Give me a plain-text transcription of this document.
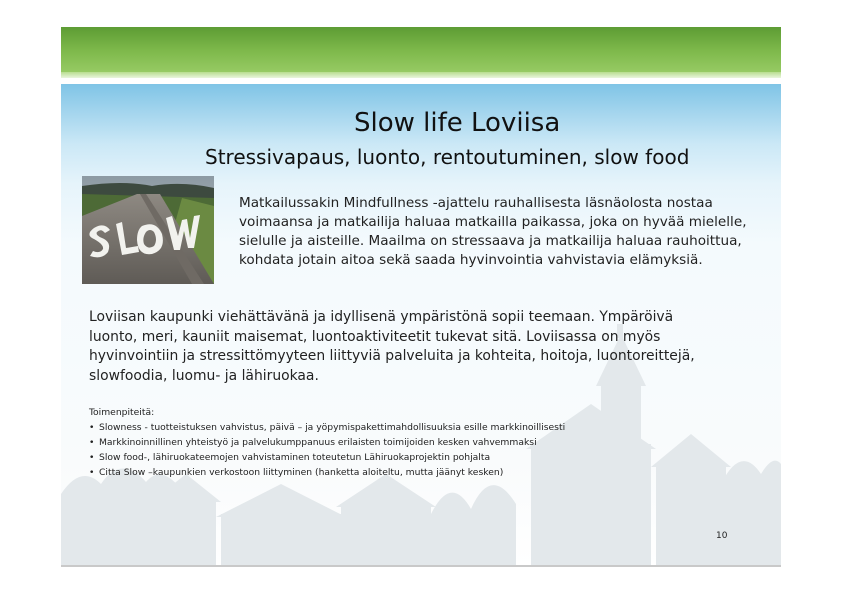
Slow life Loviisa
Stressivapaus, luonto, rentoutuminen, slow food

Matkailussakin Mindfullness -ajattelu rauhallisesta läsnäolosta nostaa voimaansa ja matkailija haluaa matkailla paikassa, joka on hyvää mielelle, sielulle ja aisteille. Maailma on stressaava ja matkailija haluaa rauhoittua, kohdata jotain aitoa sekä saada hyvinvointia vahvistavia elämyksiä.

Loviisan kaupunki viehättävänä ja idyllisenä ympäristönä sopii teemaan. Ympäröivä luonto, meri, kauniit maisemat, luontoaktiviteetit tukevat sitä. Loviisassa on myös hyvinvointiin ja stressittömyyteen liittyviä palveluita ja kohteita, hoitoja, luontoreittejä, slowfoodia, luomu- ja lähiruokaa.

Toimenpiteitä:
• Slowness - tuotteistuksen vahvistus, päivä – ja yöpymispakettimahdollisuuksia esille markkinoillisesti
• Markkinoinnillinen yhteistyö ja palvelukumppanuus erilaisten toimijoiden kesken vahvemmaksi
• Slow food-, lähiruokateemojen vahvistaminen toteutetun Lähiruokaprojektin pohjalta
• Citta Slow –kaupunkien verkostoon liittyminen (hanketta aloiteltu, mutta jäänyt kesken)
10
